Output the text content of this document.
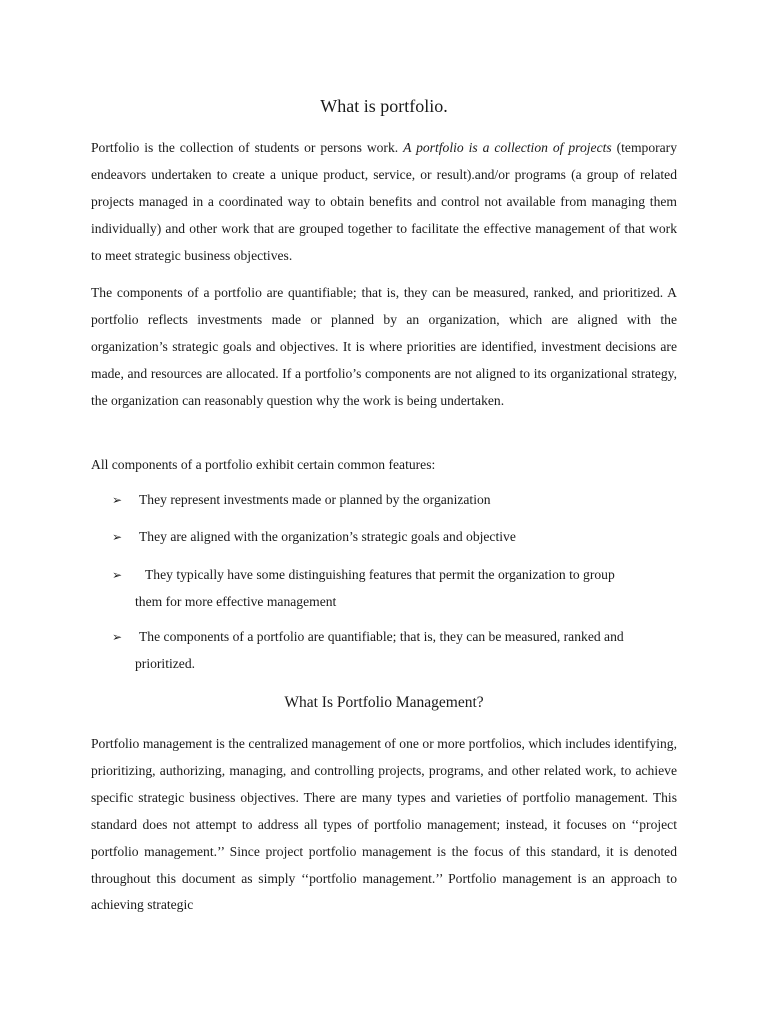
What is portfolio.

Portfolio is the collection of students or persons work. A portfolio is a collection of projects (temporary endeavors undertaken to create a unique product, service, or result).and/or programs (a group of related projects managed in a coordinated way to obtain benefits and control not available from managing them individually) and other work that are grouped together to facilitate the effective management of that work to meet strategic business objectives.

The components of a portfolio are quantifiable; that is, they can be measured, ranked, and prioritized. A portfolio reflects investments made or planned by an organization, which are aligned with the organization’s strategic goals and objectives. It is where priorities are identified, investment decisions are made, and resources are allocated. If a portfolio’s components are not aligned to its organizational strategy, the organization can reasonably question why the work is being undertaken.

All components of a portfolio exhibit certain common features:

➢	They represent investments made or planned by the organization
➢	They are aligned with the organization’s strategic goals and objective
➢	They typically have some distinguishing features that permit the organization to group
them for more effective management
➢	The components of a portfolio are quantifiable; that is, they can be measured, ranked and
prioritized.
What Is Portfolio Management?

Portfolio management is the centralized management of one or more portfolios, which includes identifying, prioritizing, authorizing, managing, and controlling projects, programs, and other related work, to achieve specific strategic business objectives. There are many types and varieties of portfolio management. This standard does not attempt to address all types of portfolio management; instead, it focuses on ‘‘project portfolio management.’’ Since project portfolio management is the focus of this standard, it is denoted throughout this document as simply ‘‘portfolio management.’’ Portfolio management is an approach to achieving strategic
